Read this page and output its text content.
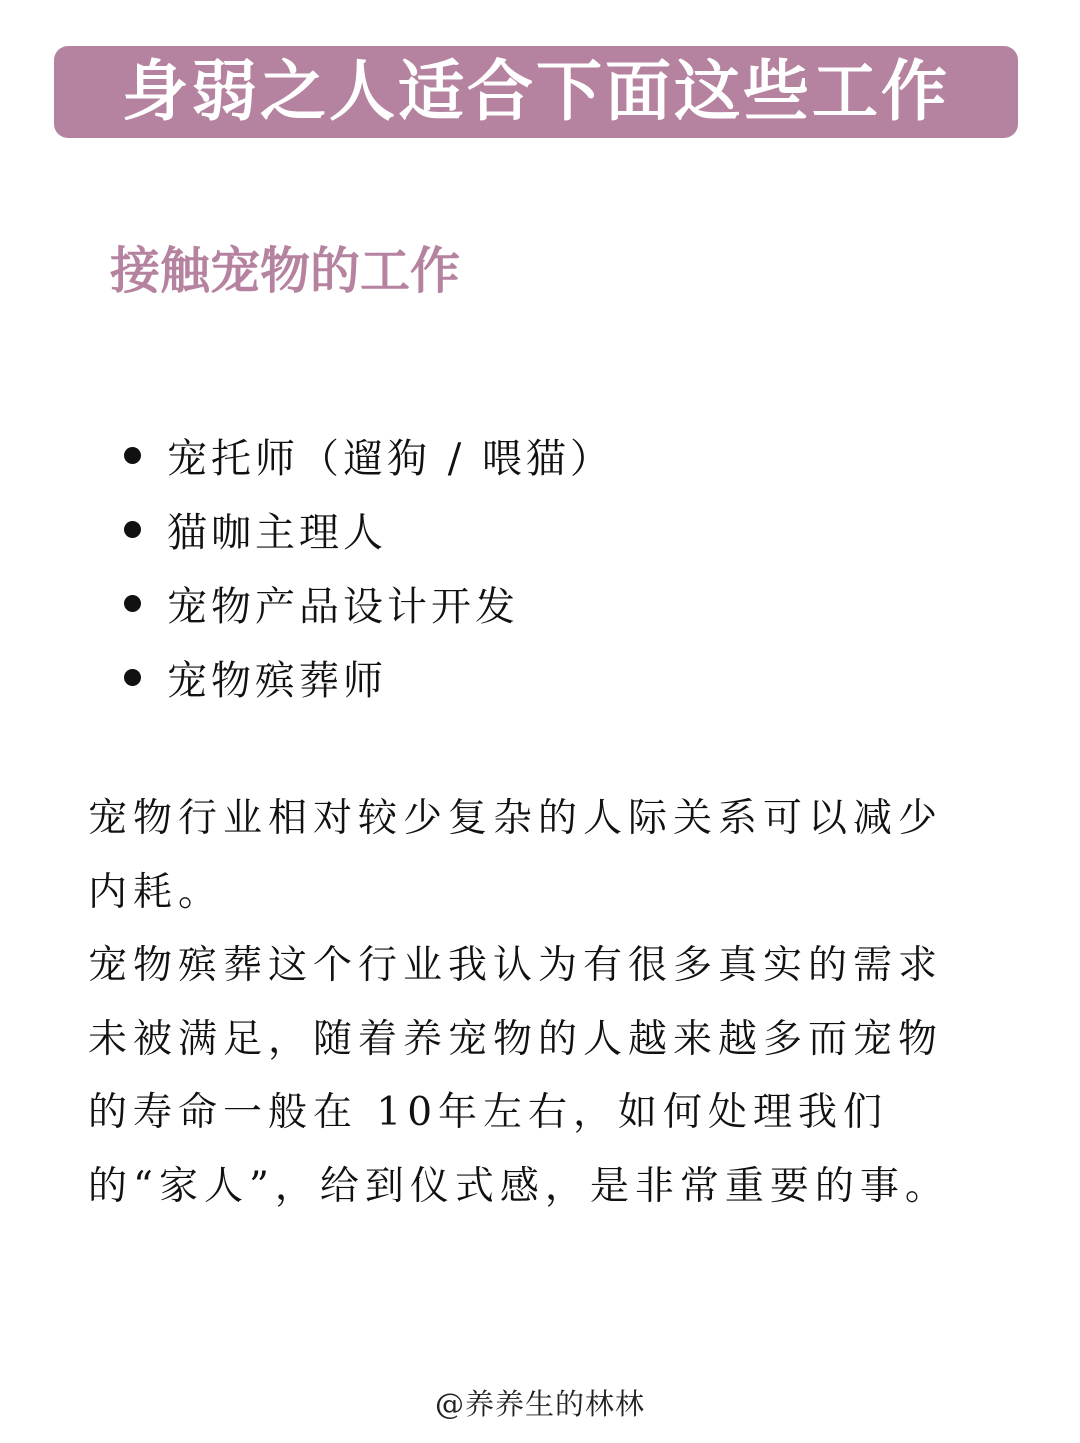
身弱之人适合下面这些工作
接触宠物的工作
宠托师（遛狗 / 喂猫）
猫咖主理人
宠物产品设计开发
宠物殡葬师

宠物行业相对较少复杂的人际关系可以减少内耗。

宠物殡葬这个行业我认为有很多真实的需求未被满足，随着养宠物的人越来越多而宠物的寿命一般在 10年左右，如何处理我们的“家人”，给到仪式感，是非常重要的事。

@养养生的林林
